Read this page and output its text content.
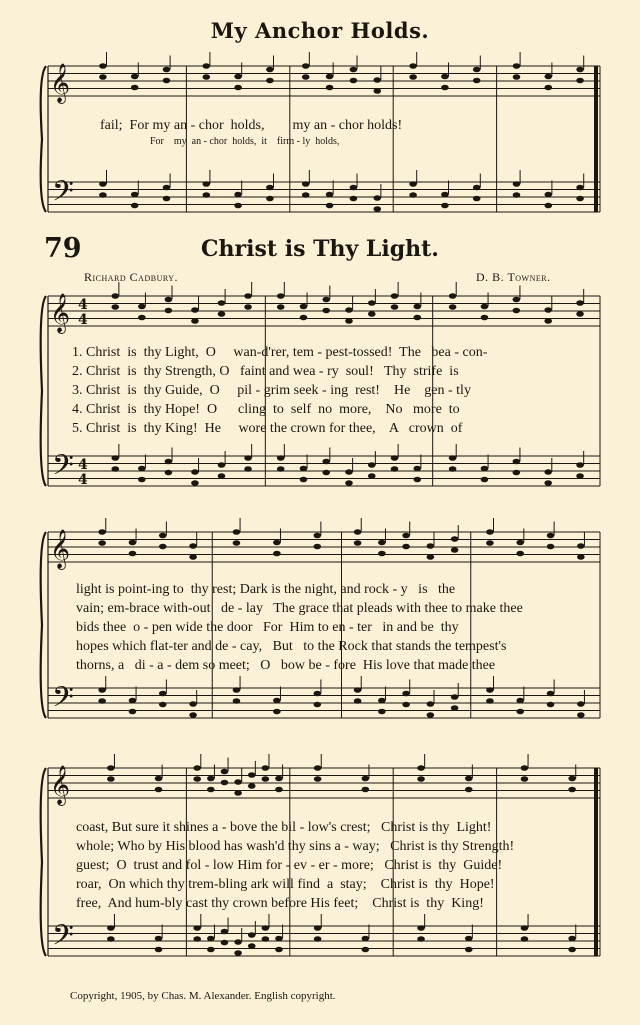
𝄞
𝄢
𝄞
𝄢
4
4
4
4
𝄞
𝄢
𝄞
𝄢
My Anchor Holds.
fail;  For my an - chor  holds,        my an - chor holds!
For    my  an - chor  holds,  it    firm - ly  holds,
79	Christ is Thy Light.
Richard Cadbury.	D. B. Towner.
1. Christ  is  thy Light,  O     wan-d'rer, tem - pest-tossed!  The   bea - con-
2. Christ  is  thy Strength, O   faint and wea - ry  soul!   Thy  strife  is
3. Christ  is  thy Guide,  O     pil - grim seek - ing  rest!    He    gen - tly
4. Christ  is  thy Hope!  O      cling  to  self  no  more,    No   more  to
5. Christ  is  thy King!  He     wore the crown for thee,    A   crown  of
light is point-ing to  thy rest; Dark is the night, and rock - y   is   the
vain; em-brace with-out   de - lay   The grace that pleads with thee to make thee
bids thee  o - pen wide the door   For  Him to en - ter   in and be  thy
hopes which flat-ter and de - cay,   But   to the Rock that stands the tempest's
thorns, a   di - a - dem so meet;   O   bow be - fore  His love that made thee
coast, But sure it shines a - bove the bil - low's crest;   Christ is thy  Light!
whole; Who by His blood has wash'd thy sins a - way;   Christ is thy Strength!
guest;  O  trust and fol - low Him for - ev - er - more;   Christ is  thy  Guide!
roar,  On which thy trem-bling ark will find  a  stay;    Christ is  thy  Hope!
free,  And hum-bly cast thy crown before His feet;    Christ is  thy  King!
Copyright, 1905, by Chas. M. Alexander. English copyright.
